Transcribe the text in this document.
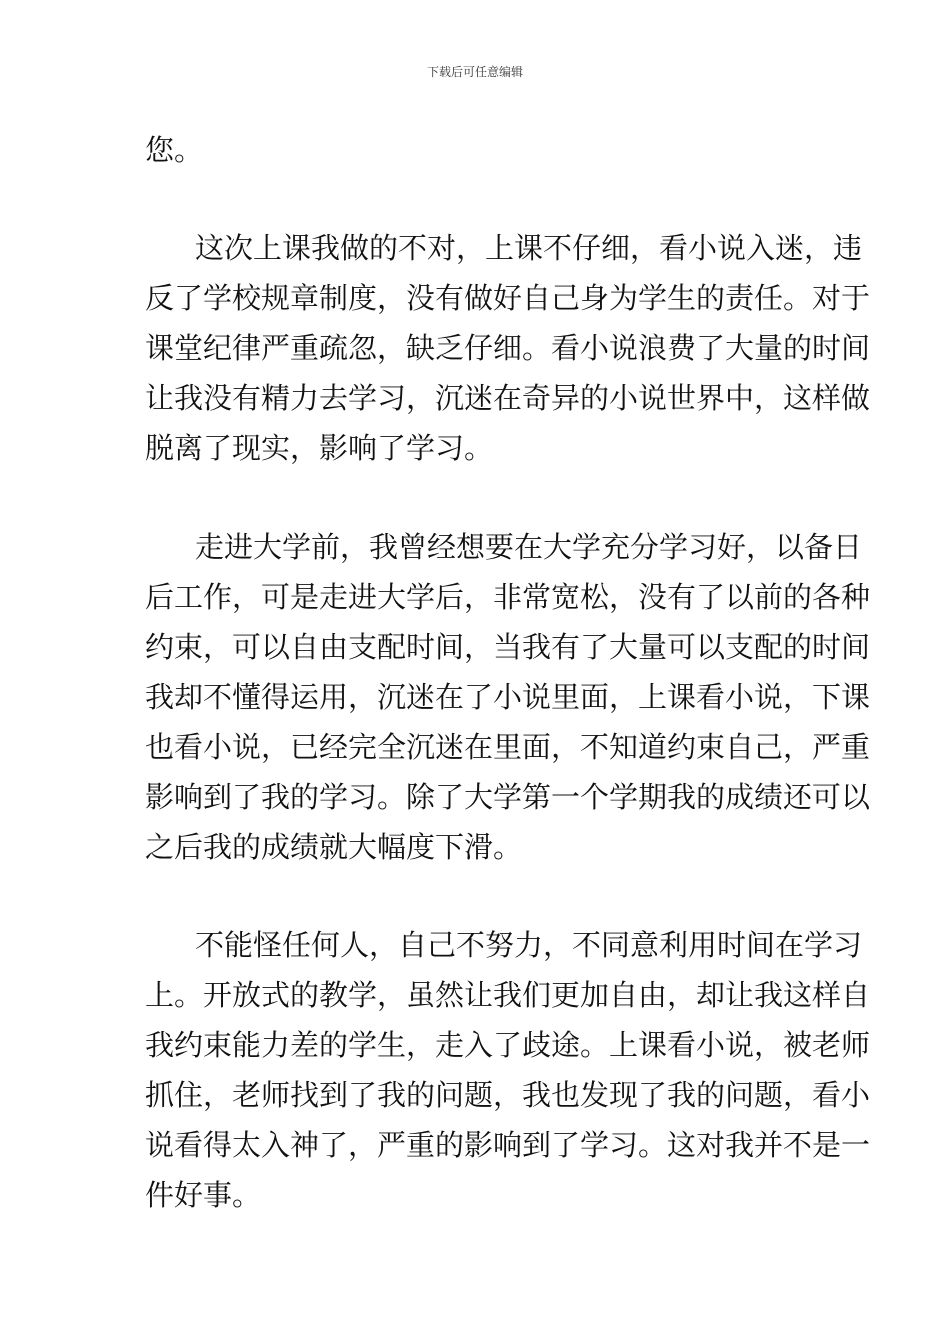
下载后可任意编辑
您。
这次上课我做的不对，上课不仔细，看小说入迷，违
反了学校规章制度，没有做好自己身为学生的责任。对于
课堂纪律严重疏忽，缺乏仔细。看小说浪费了大量的时间
让我没有精力去学习，沉迷在奇异的小说世界中，这样做
脱离了现实，影响了学习。
走进大学前，我曾经想要在大学充分学习好，以备日
后工作，可是走进大学后，非常宽松，没有了以前的各种
约束，可以自由支配时间，当我有了大量可以支配的时间
我却不懂得运用，沉迷在了小说里面，上课看小说，下课
也看小说，已经完全沉迷在里面，不知道约束自己，严重
影响到了我的学习。除了大学第一个学期我的成绩还可以
之后我的成绩就大幅度下滑。
不能怪任何人，自己不努力，不同意利用时间在学习
上。开放式的教学，虽然让我们更加自由，却让我这样自
我约束能力差的学生，走入了歧途。上课看小说，被老师
抓住，老师找到了我的问题，我也发现了我的问题，看小
说看得太入神了，严重的影响到了学习。这对我并不是一
件好事。
